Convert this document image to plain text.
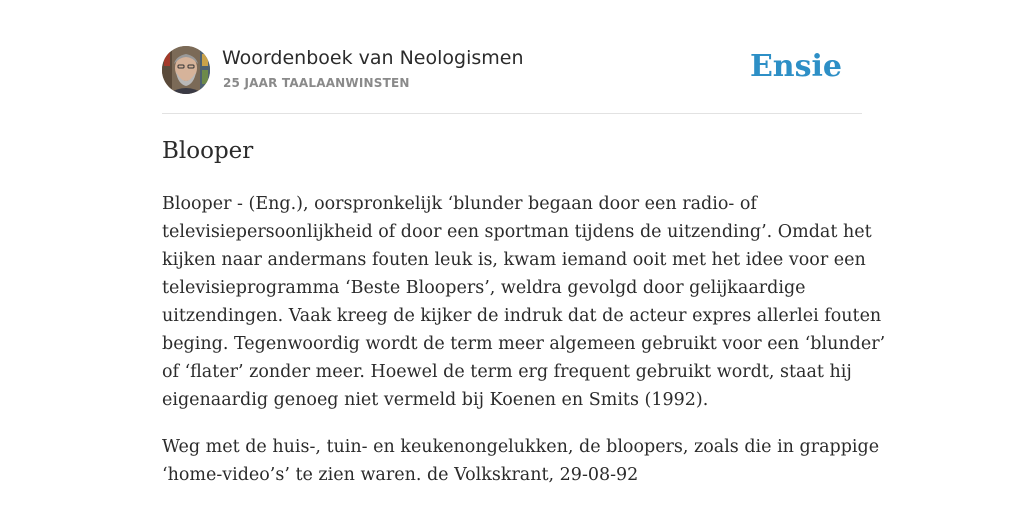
Woordenboek van Neologismen
25 JAAR TAALAANWINSTEN	Ensie
Blooper
Blooper - (Eng.), oorspronkelijk ‘blunder begaan door een radio- of
televisiepersoonlijkheid of door een sportman tijdens de uitzending’. Omdat het
kijken naar andermans fouten leuk is, kwam iemand ooit met het idee voor een
televisieprogramma ‘Beste Bloopers’, weldra gevolgd door gelijkaardige
uitzendingen. Vaak kreeg de kijker de indruk dat de acteur expres allerlei fouten
beging. Tegenwoordig wordt de term meer algemeen gebruikt voor een ‘blunder’
of ‘flater’ zonder meer. Hoewel de term erg frequent gebruikt wordt, staat hij
eigenaardig genoeg niet vermeld bij Koenen en Smits (1992).
Weg met de huis-, tuin- en keukenongelukken, de bloopers, zoals die in grappige
‘home-video’s’ te zien waren. de Volkskrant, 29-08-92
